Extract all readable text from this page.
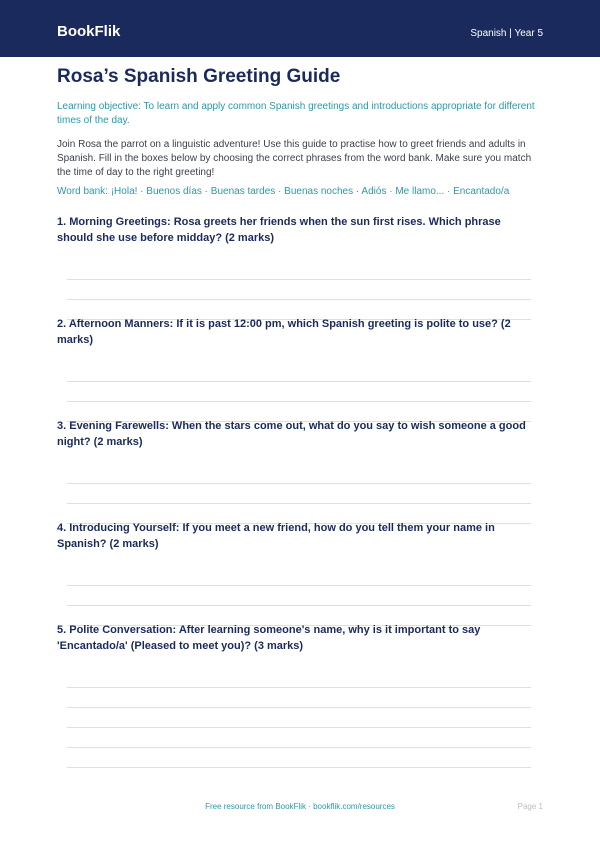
BookFlik	Spanish | Year 5
Rosa’s Spanish Greeting Guide
Learning objective: To learn and apply common Spanish greetings and introductions appropriate for different times of the day.
Join Rosa the parrot on a linguistic adventure! Use this guide to practise how to greet friends and adults in Spanish. Fill in the boxes below by choosing the correct phrases from the word bank. Make sure you match the time of day to the right greeting!
Word bank: ¡Hola! · Buenos días · Buenas tardes · Buenas noches · Adiós · Me llamo... · Encantado/a
1. Morning Greetings: Rosa greets her friends when the sun first rises. Which phrase should she use before midday? (2 marks)
2. Afternoon Manners: If it is past 12:00 pm, which Spanish greeting is polite to use? (2 marks)
3. Evening Farewells: When the stars come out, what do you say to wish someone a good night? (2 marks)
4. Introducing Yourself: If you meet a new friend, how do you tell them your name in Spanish? (2 marks)
5. Polite Conversation: After learning someone's name, why is it important to say 'Encantado/a' (Pleased to meet you)? (3 marks)
Free resource from BookFlik · bookflik.com/resources	Page 1
